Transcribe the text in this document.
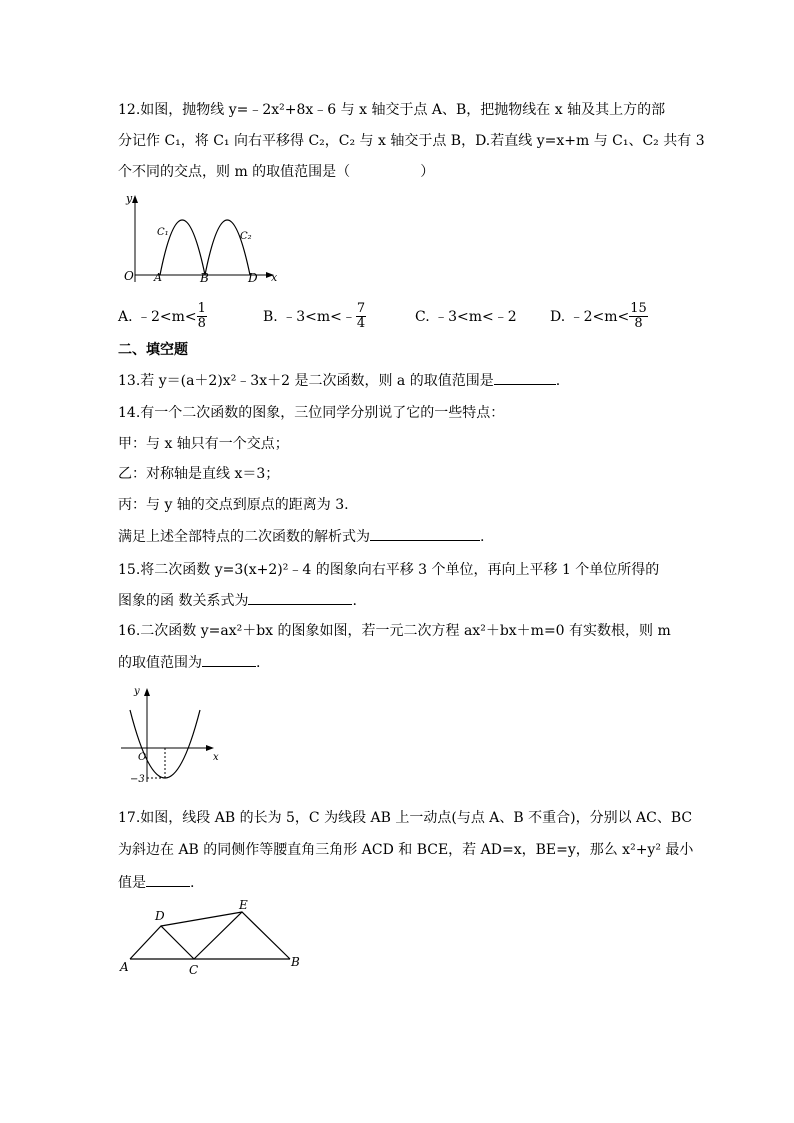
12.如图，抛物线 y=﹣2x²+8x﹣6 与 x 轴交于点 A、B，把抛物线在 x 轴及其上方的部
分记作 C₁，将 C₁ 向右平移得 C₂，C₂ 与 x 轴交于点 B，D.若直线 y=x+m 与 C₁、C₂ 共有 3
个不同的交点，则 m 的取值范围是（	）
y
x
O A	B	D
C₁	C₂
A. ﹣2<m< $\frac{1}{8}$	B. ﹣3<m<﹣ $\frac{7}{4}$	C. ﹣3<m<﹣2 D. ﹣2<m< $\frac{15}{8}$
二、填空题
13.若 y＝(a＋2)x²﹣3x＋2 是二次函数，则 a 的取值范围是	.
14.有一个二次函数的图象，三位同学分别说了它的一些特点：
甲：与 x 轴只有一个交点；
乙：对称轴是直线 x＝3；
丙：与 y 轴的交点到原点的距离为 3.
满足上述全部特点的二次函数的解析式为	.
15.将二次函数 y=3(x+2)²﹣4 的图象向右平移 3 个单位，再向上平移 1 个单位所得的
图象的函 数关系式为	.
16.二次函数 y=ax²＋bx 的图象如图，若一元二次方程 ax²＋bx＋m=0 有实数根，则 m
的取值范围为	.
y
x
O
−3
17.如图，线段 AB 的长为 5，C 为线段 AB 上一动点(与点 A、B 不重合)，分别以 AC、BC
为斜边在 AB 的同侧作等腰直角三角形 ACD 和 BCE，若 AD=x，BE=y，那么 x²+y² 最小
值是	.
A	B
C
D
E
